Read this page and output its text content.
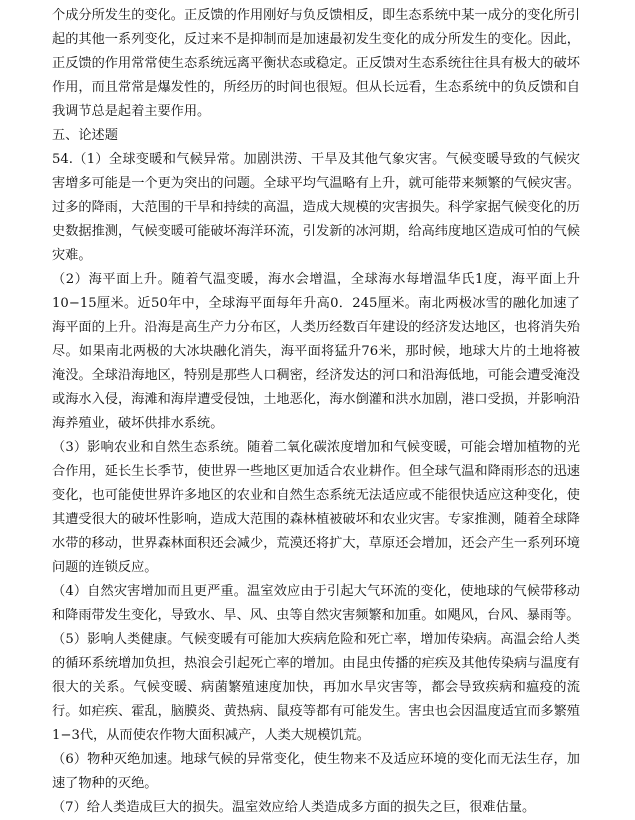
个成分所发生的变化。正反馈的作用刚好与负反馈相反，即生态系统中某一成分的变化所引起的其他一系列变化，反过来不是抑制而是加速最初发生变化的成分所发生的变化。因此，正反馈的作用常常使生态系统远离平衡状态或稳定。正反馈对生态系统往往具有极大的破坏作用，而且常常是爆发性的，所经历的时间也很短。但从长远看，生态系统中的负反馈和自我调节总是起着主要作用。

五、论述题

54.（1）全球变暖和气候异常。加剧洪涝、干旱及其他气象灾害。气候变暖导致的气候灾害增多可能是一个更为突出的问题。全球平均气温略有上升，就可能带来频繁的气候灾害。过多的降雨，大范围的干旱和持续的高温，造成大规模的灾害损失。科学家据气候变化的历史数据推测，气候变暖可能破坏海洋环流，引发新的冰河期，给高纬度地区造成可怕的气候灾难。

（2）海平面上升。随着气温变暖，海水会增温，全球海水每增温华氏1度，海平面上升10−15厘米。近50年中，全球海平面每年升高0．245厘米。南北两极冰雪的融化加速了海平面的上升。沿海是高生产力分布区，人类历经数百年建设的经济发达地区，也将消失殆尽。如果南北两极的大冰块融化消失，海平面将猛升76米，那时候，地球大片的土地将被淹没。全球沿海地区，特别是那些人口稠密，经济发达的河口和沿海低地，可能会遭受淹没或海水入侵，海滩和海岸遭受侵蚀，土地恶化，海水倒灌和洪水加剧，港口受损，并影响沿海养殖业，破坏供排水系统。

（3）影响农业和自然生态系统。随着二氧化碳浓度增加和气候变暖，可能会增加植物的光合作用，延长生长季节，使世界一些地区更加适合农业耕作。但全球气温和降雨形态的迅速变化，也可能使世界许多地区的农业和自然生态系统无法适应或不能很快适应这种变化，使其遭受很大的破坏性影响，造成大范围的森林植被破坏和农业灾害。专家推测，随着全球降水带的移动，世界森林面积还会减少，荒漠还将扩大，草原还会增加，还会产生一系列环境问题的连锁反应。

（4）自然灾害增加而且更严重。温室效应由于引起大气环流的变化，使地球的气候带移动和降雨带发生变化，导致水、旱、风、虫等自然灾害频繁和加重。如飓风，台风、暴雨等。

（5）影响人类健康。气候变暖有可能加大疾病危险和死亡率，增加传染病。高温会给人类的循环系统增加负担，热浪会引起死亡率的增加。由昆虫传播的疟疾及其他传染病与温度有很大的关系。气候变暖、病菌繁殖速度加快，再加水旱灾害等，都会导致疾病和瘟疫的流行。如疟疾、霍乱，脑膜炎、黄热病、鼠疫等都有可能发生。害虫也会因温度适宜而多繁殖1−3代，从而使农作物大面积减产，人类大规模饥荒。

（6）物种灭绝加速。地球气候的异常变化，使生物来不及适应环境的变化而无法生存，加速了物种的灭绝。

（7）给人类造成巨大的损失。温室效应给人类造成多方面的损失之巨，很难估量。
